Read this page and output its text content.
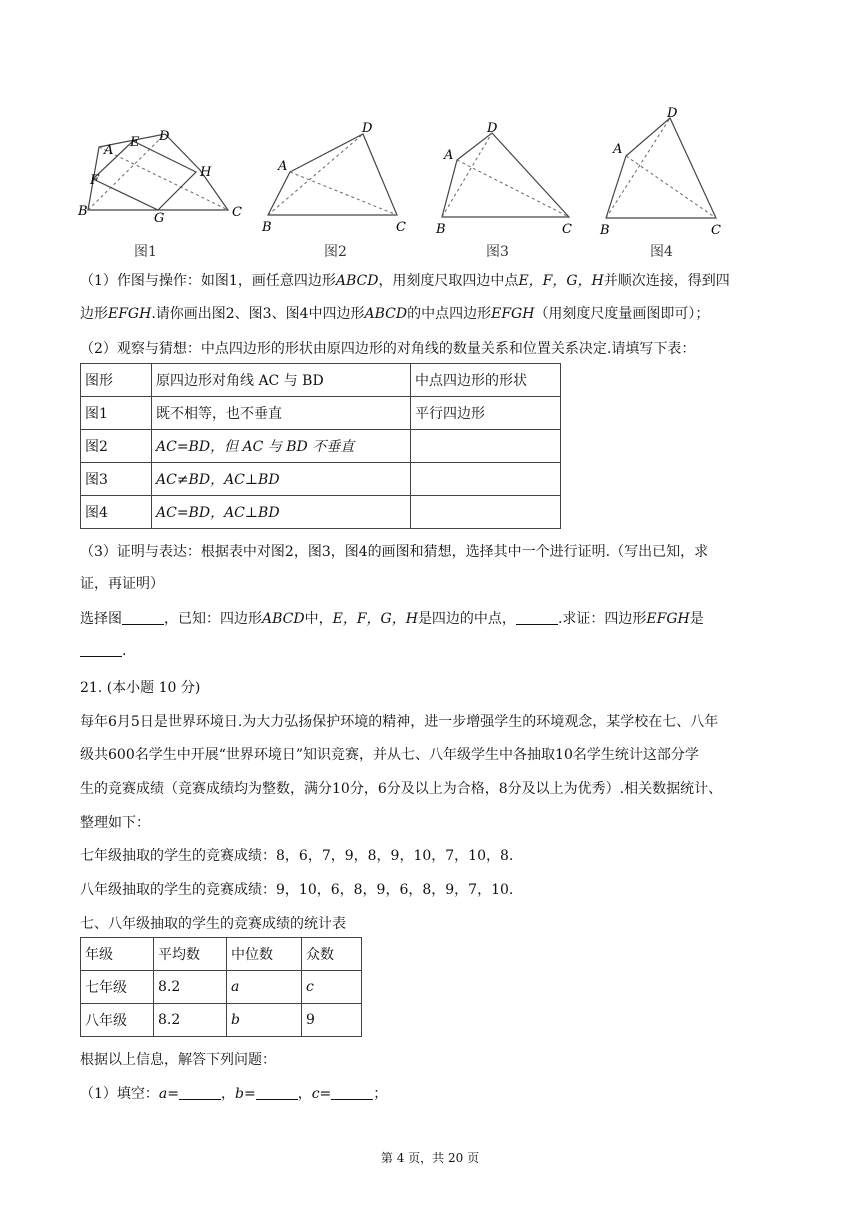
A
E D
F
H
B	G	C
图1
A
D
B	C
图2
A
D
B	C
图3
A
D
B	C
图4
（1）作图与操作：如图1，画任意四边形ABCD，用刻度尺取四边中点E，F，G，H并顺次连接，得到四
边形EFGH.请你画出图2、图3、图4中四边形ABCD的中点四边形EFGH（用刻度尺度量画图即可）；
（2）观察与猜想：中点四边形的形状由原四边形的对角线的数量关系和位置关系决定.请填写下表：
图形	原四边形对角线 AC 与 BD	中点四边形的形状
图1	既不相等，也不垂直	平行四边形
图2	AC=BD，但 AC 与 BD 不垂直	
图3	AC≠BD，AC⊥BD	
图4	AC=BD，AC⊥BD	
（3）证明与表达：根据表中对图2，图3，图4的画图和猜想，选择其中一个进行证明.（写出已知，求
证，再证明）
选择图	，已知：四边形ABCD中，E，F，G，H是四边的中点，	.求证：四边形EFGH是
.
21. (本小题 10 分)
每年6月5日是世界环境日.为大力弘扬保护环境的精神，进一步增强学生的环境观念，某学校在七、八年
级共600名学生中开展“世界环境日”知识竞赛，并从七、八年级学生中各抽取10名学生统计这部分学
生的竞赛成绩（竞赛成绩均为整数，满分10分，6分及以上为合格，8分及以上为优秀）.相关数据统计、
整理如下：
七年级抽取的学生的竞赛成绩：8，6，7，9，8，9，10，7，10，8.
八年级抽取的学生的竞赛成绩：9，10，6，8，9，6，8，9，7，10.
七、八年级抽取的学生的竞赛成绩的统计表
年级	平均数	中位数	众数
七年级	8.2	a	c
八年级	8.2	b	9
根据以上信息，解答下列问题：
（1）填空：a=	，b=	，c=	；
第 4 页，共 20 页
